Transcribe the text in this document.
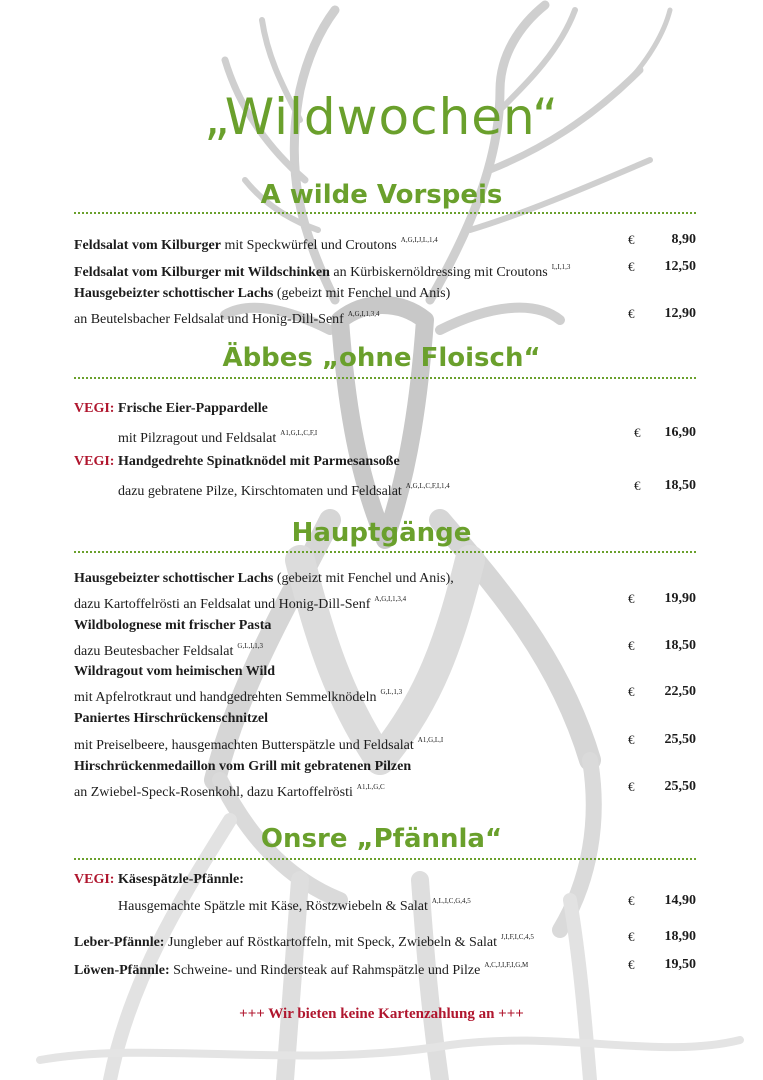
„Wildwochen“
A wilde Vorspeis
Feldsalat vom Kilburger mit Speckwürfel und Croutons $^{A,G,I,J,L,1,4}$	€	8,90
Feldsalat vom Kilburger mit Wildschinken an Kürbiskernöldressing mit Croutons $^{I,,I,1,3}$	€ 12,50
Hausgebeizter schottischer Lachs (gebeizt mit Fenchel und Anis)
an Beutelsbacher Feldsalat und Honig-Dill-Senf $^{A,G,I,1,3,4}$	€ 12,90
Äbbes „ohne Floisch“
VEGI: Frische Eier-Pappardelle
mit Pilzragout und Feldsalat $^{A1,G,L,C,F,I}$	€ 16,90
VEGI: Handgedrehte Spinatknödel mit Parmesansoße
dazu gebratene Pilze, Kirschtomaten und Feldsalat $^{A,G,L,C,F,I,1,4}$	€ 18,50
Hauptgänge
Hausgebeizter schottischer Lachs (gebeizt mit Fenchel und Anis),
dazu Kartoffelrösti an Feldsalat und Honig-Dill-Senf $^{A,G,I,1,3,4}$	€ 19,90
Wildbolognese mit frischer Pasta
dazu Beutesbacher Feldsalat $^{G,L,I,1,3}$	€ 18,50
Wildragout vom heimischen Wild
mit Apfelrotkraut und handgedrehten Semmelknödeln $^{G,L,1,3}$	€ 22,50
Paniertes Hirschrückenschnitzel
mit Preiselbeere, hausgemachten Butterspätzle und Feldsalat $^{A1,G,L,I}$	€ 25,50
Hirschrückenmedaillon vom Grill mit gebratenen Pilzen
an Zwiebel-Speck-Rosenkohl, dazu Kartoffelrösti $^{A1,L,G,C}$	€ 25,50
Onsre „Pfännla“
VEGI: Käsespätzle-Pfännle:
Hausgemachte Spätzle mit Käse, Röstzwiebeln & Salat $^{A,L,I,C,G,4,5}$	€ 14,90
Leber-Pfännle: Jungleber auf Röstkartoffeln, mit Speck, Zwiebeln & Salat $^{J,I,F,I,C,4,5}$	€ 18,90
Löwen-Pfännle: Schweine- und Rindersteak auf Rahmspätzle und Pilze $^{A,C,J,I,F,I,G,M}$	€ 19,50
+++ Wir bieten keine Kartenzahlung an +++
